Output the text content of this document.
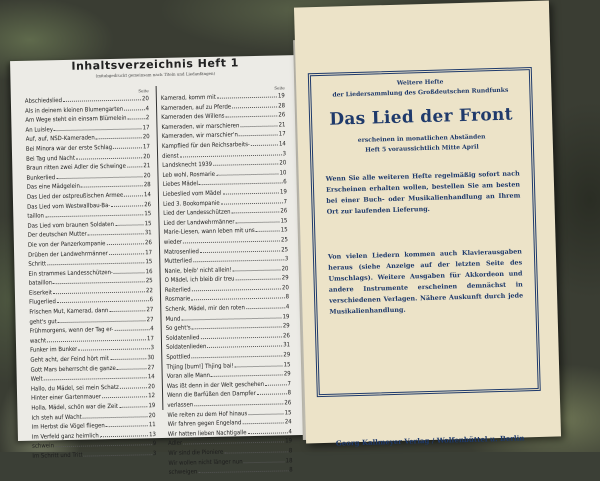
Inhaltsverzeichnis Heft 1
(mitabgedruckt gemeinsam nach Titeln und Liedanfängen)
Seite
Abschiedslied	20
Als in deinem kleinen Blumengarten	4
Am Wege steht ein einsam Blümelein	2
An Luisley	17
Auf, auf, NSD-Kameraden	20
Bei Minora war der erste Schlag	17
Bei Tag und Nacht	20
Braun ritten zwei Adler die Schwinge	21
Bunkerlied	20
Das eine Mädgelein	28
Das Lied der ostpreußischen Armee	14
Das Lied vom Westwallbau-Ba-	26
taillon	15
Das Lied vom braunen Soldaten	15
Der deutschen Mutter	31
Die von der Panzerkompanie	26
Drüben der Landwehrmänner	17
Schritt	15
Ein strammes Landesschützen-	16
bataillon	25
Eiserkeit	22
Flugerlied	6
Frischen Mut, Kamerad, dann	27
geht's gut	27
Frühmorgens, wenn der Tag er-	4
wacht	17
Funker im Bunker	3
Geht acht, der Feind hört mit	30
Gott Mars beherrscht die ganze	27
Welt	14
Hallo, du Mädel, sei mein Schatz	20
Hinter einer Gartenmauer	12
Holla, Mädel, schön war die Zeit	19
Ich steh auf Wacht	20
Im Herbst die Vögel fliegen	11
Im Verfeld ganz heimlich	13
schwein	9
Im Schritt und Tritt	3
Seite
Kamerad, komm mit	19
Kameraden, auf zu Pferde	28
Kameraden des Willens	26
Kameraden, wir marschieren	21
Kameraden, wir marschier'n	17
Kampflied für den Reichsarbeits-	14
dienst	3
Landsknecht 1939	20
Leb wohl, Rosmarie	10
Liebes Mädel	6
Liebeslied vom Mädel	19
Lied 3. Bookompanie	7
Lied der Landesschützen	26
Lied der Landwehrmänner	15
Marie-Liesen, wann leben mit uns	15
wieder	25
Matrosenlied	25
Mutterlied	3
Nanie, bleib' nicht allein!	20
O Mädel, ich bleib dir treu	29
Reiterlied	20
Rosmarie	8
Schenk, Mädel, mir den roten	4
Mund	19
So geht's	29
Soldatenlied	26
Soldatenlieden	31
Spottlied	29
Thjing [bum!] Thjing bai!	15
Voran alle Mann	29
Was ißt denn in der Welt geschehen	7
Wenn die Barfüßen den Dampfer	8
verlassen	26
Wie reiten zu dem Hof hinaus	15
Wir fahren gegen Engeland	24
Wir hatten lieben Nachtigalle	4
Adler	19
Wir sind die Pioniere	8
Wir wollen nicht länger nun	18
schweigen	8
Weitere Hefte
der Liedersammlung des Großdeutschen Rundfunks
Das Lied der Front
erscheinen in monatlichen Abständen
Heft 5 voraussichtlich Mitte April
Wenn Sie alle weiteren Hefte regelmäßig sofort nach Erscheinen erhalten wollen, bestellen Sie am besten bei einer Buch- oder Musikalienhandlung an Ihrem Ort zur laufenden Lieferung.
Von vielen Liedern kommen auch Klavierausgaben heraus (siehe Anzeige auf der letzten Seite des Umschlags). Weitere Ausgaben für Akkordeon und andere Instrumente erscheinen demnächst in verschiedenen Verlagen. Nähere Auskunft durch jede Musikalienhandlung.
Georg Kallmeyer Verlag / Wolfenbüttel u. Berlin
